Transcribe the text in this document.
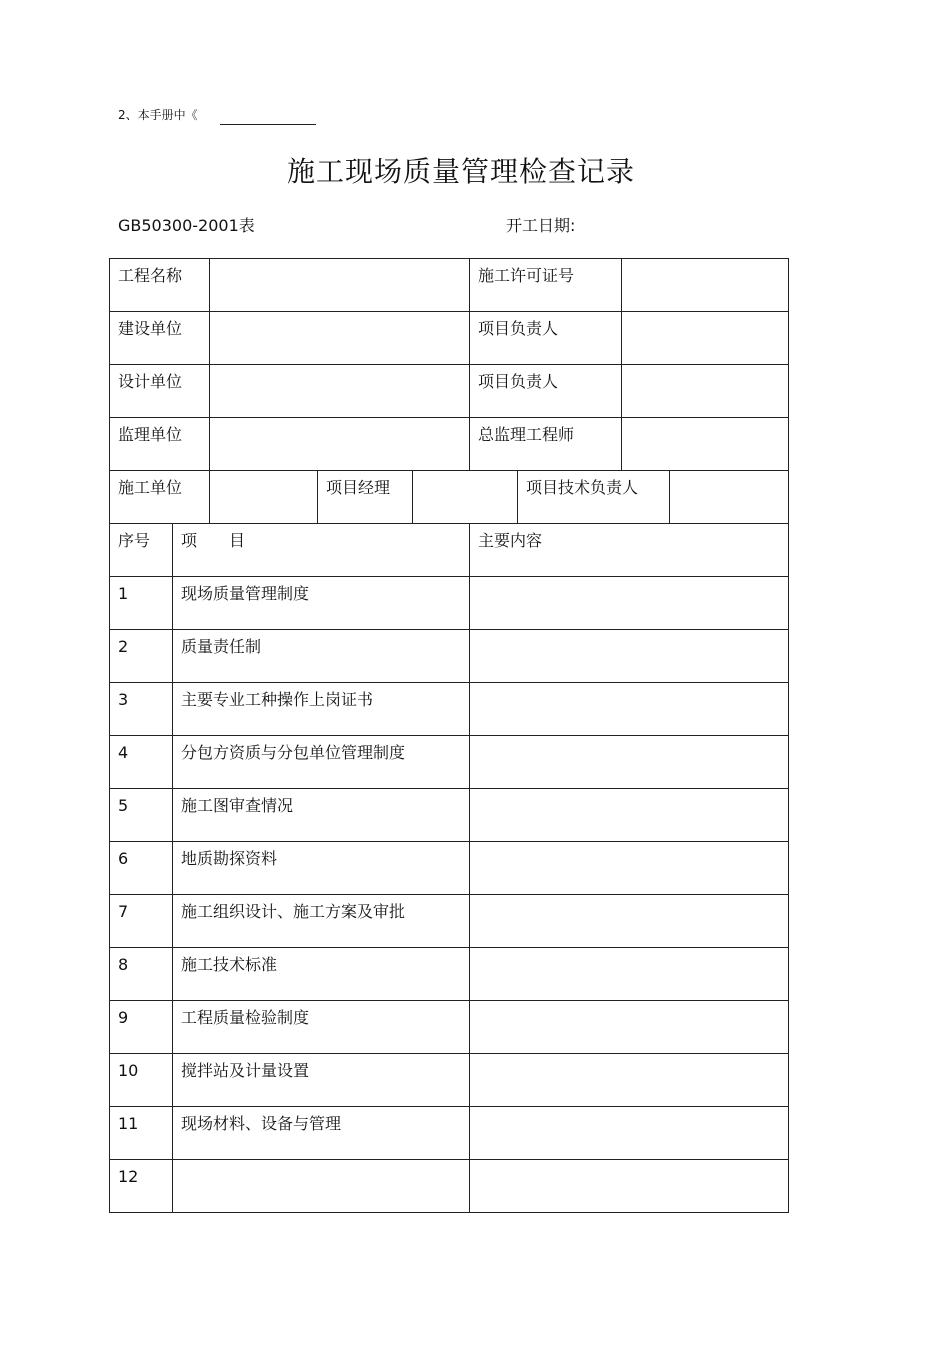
2、本手册中《
施工现场质量管理检查记录
GB50300-2001表	开工日期:
工程名称					施工许可证号			
建设单位					项目负责人			
设计单位					项目负责人			
监理单位					总监理工程师			
施工单位			项目经理			项目技术负责人		
序号	项　　目				主要内容			
1	现场质量管理制度							
2	质量责任制							
3	主要专业工种操作上岗证书							
4	分包方资质与分包单位管理制度							
5	施工图审查情况							
6	地质勘探资料							
7	施工组织设计、施工方案及审批							
8	施工技术标准							
9	工程质量检验制度							
10	搅拌站及计量设置							
11	现场材料、设备与管理							
12								
